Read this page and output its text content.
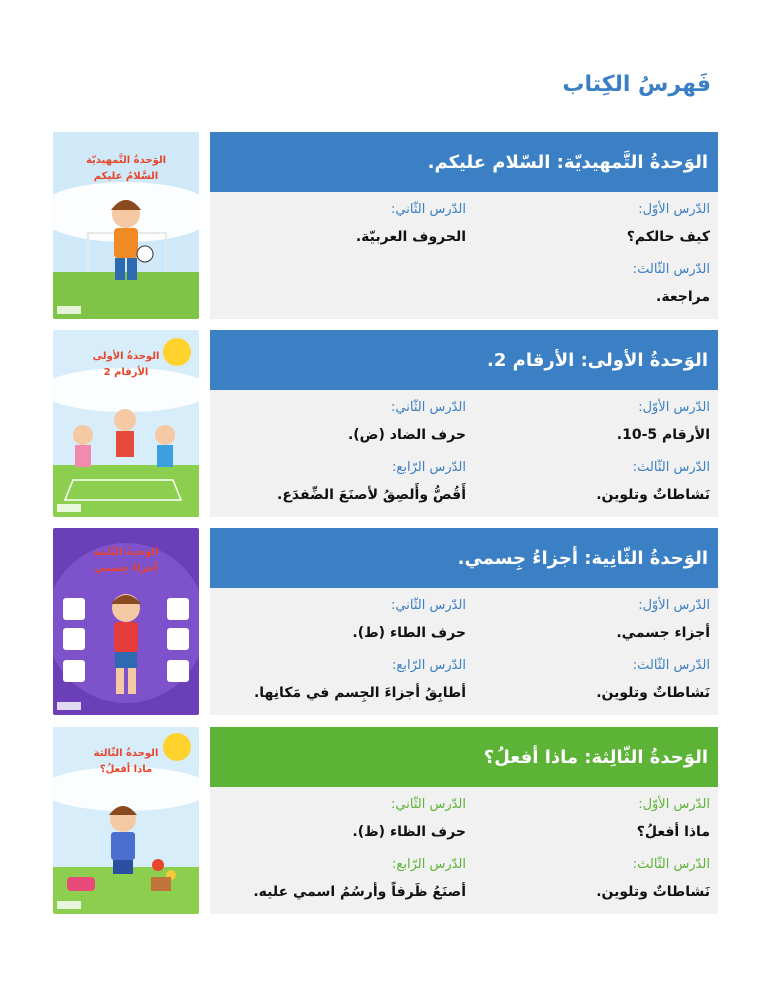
فَهرسُ الكِتاب
الوَحدةُ التَّمهيديّة
السَّلامُ عليكم
الوَحدةُ التَّمهيديّة: السّلام عليكم.
الدّرس الأوّل:
كيف حالكم؟
الدّرس الثّاني:
الحروف العربيّة.
الدّرس الثّالث:
مراجعة.
الوحدةُ الأولى
الأرقام 2
الوَحدةُ الأولى: الأرقام 2.
الدّرس الأوّل:
الأرقام 5-10.
الدّرس الثّاني:
حرف الضاد (ض).
الدّرس الثّالث:
نَشاطاتٌ وتلوين.
الدّرس الرّابع:
أَقُصُّ وأَلصِقُ لأصنَعَ الضِّفدَع.
الوَحدةُ الثّانية
أجزاءُ جِسمي	الوَحدةُ الثّانِية: أجزاءُ جِسمي.
الدّرس الأوّل:
أجزاء جسمي.
الدّرس الثّاني:
حرف الطاء (ط).
الدّرس الثّالث:
نَشاطاتٌ وتلوين.
الدّرس الرّابع:
أطابِقُ أجزاءَ الجِسم في مَكانِها.
الوحدةُ الثّالثة
ماذا أفعلُ؟
الوَحدةُ الثّالِثة: ماذا أفعلُ؟
الدّرس الأوّل:
ماذا أفعلُ؟
الدّرس الثّاني:
حرف الظاء (ظ).
الدّرس الثّالث:
نَشاطاتٌ وتلوين.
الدّرس الرّابع:
أصنَعُ ظَرفاً وأرسُمُ اسمي عليه.
